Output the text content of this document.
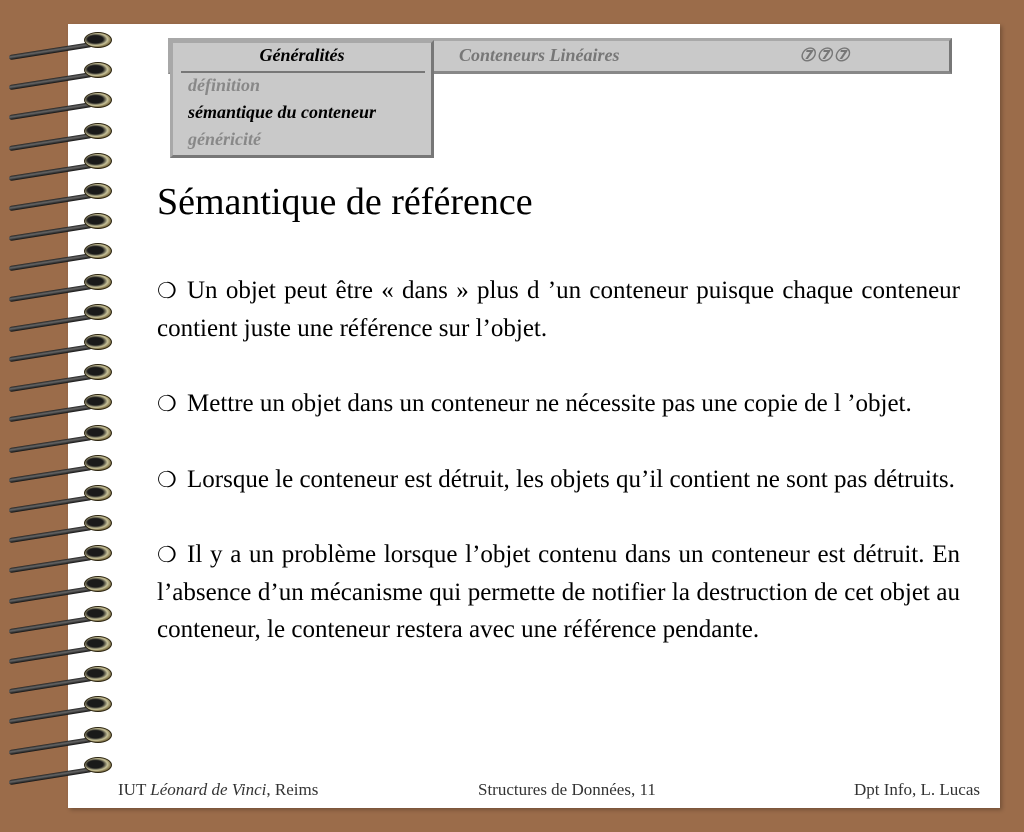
Conteneurs Linéaires	⑦⑦⑦
Généralités
définition
sémantique du conteneur
généricité
Sémantique de référence

❍ Un objet peut être « dans » plus d ’un conteneur puisque chaque conteneur contient juste une référence sur l’objet.

❍ Mettre un objet dans un conteneur ne nécessite pas une copie de l ’objet.

❍ Lorsque le conteneur est détruit, les objets qu’il contient ne sont pas détruits.

❍ Il y a un problème lorsque l’objet contenu dans un conteneur est détruit. En l’absence d’un mécanisme qui permette de notifier la destruction de cet objet au conteneur, le conteneur restera avec une référence pendante.

IUT Léonard de Vinci, Reims	Structures de Données, 11	Dpt Info, L. Lucas
